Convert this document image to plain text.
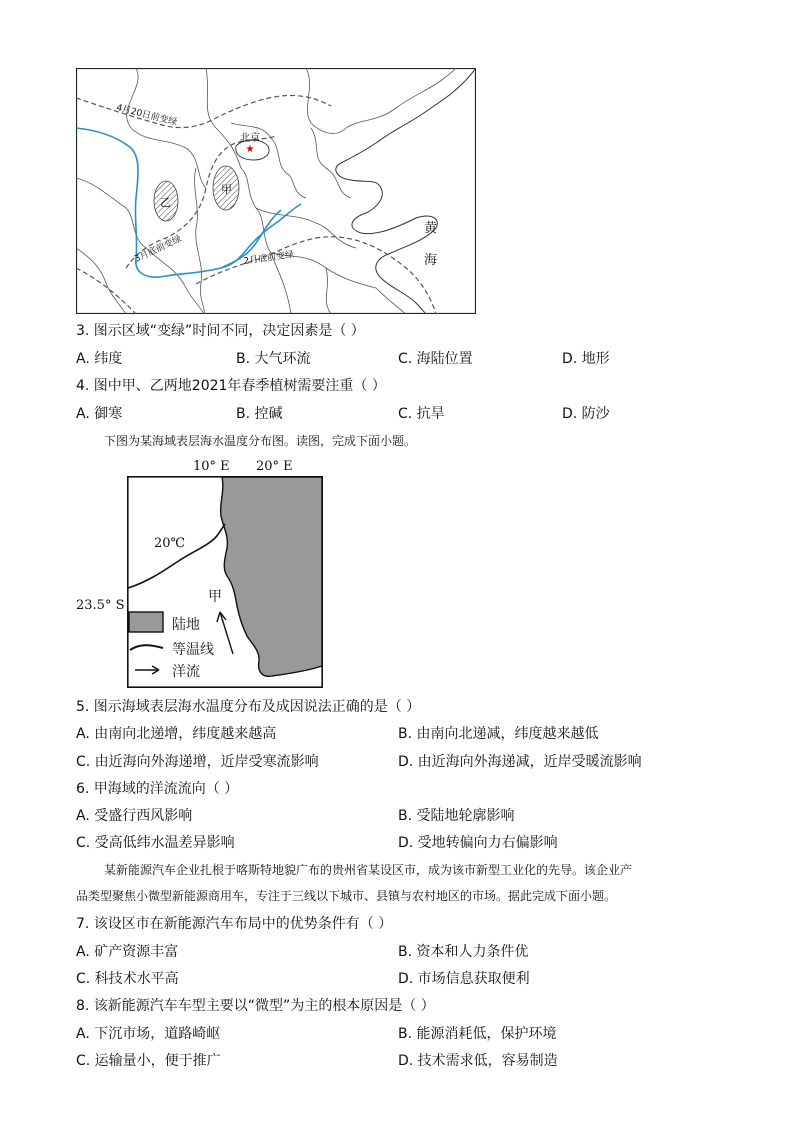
★
北京
甲
乙
4月20日前变绿
3月底前变绿	2月底前变绿
黄
海
3. 图示区域“变绿”时间不同，决定因素是（ ）
A. 纬度	B. 大气环流	C. 海陆位置	D. 地形
4. 图中甲、乙两地2021年春季植树需要注重（ ）
A. 御寒	B. 控碱	C. 抗旱	D. 防沙
下图为某海域表层海水温度分布图。读图，完成下面小题。
10° E 20° E
23.5° S
20℃
甲
陆地
等温线
洋流
5. 图示海域表层海水温度分布及成因说法正确的是（ ）
A. 由南向北递增，纬度越来越高	B. 由南向北递减，纬度越来越低
C. 由近海向外海递增，近岸受寒流影响	D. 由近海向外海递减，近岸受暖流影响
6. 甲海域的洋流流向（ ）
A. 受盛行西风影响	B. 受陆地轮廓影响
C. 受高低纬水温差异影响	D. 受地转偏向力右偏影响
某新能源汽车企业扎根于喀斯特地貌广布的贵州省某设区市，成为该市新型工业化的先导。该企业产
品类型聚焦小微型新能源商用车，专注于三线以下城市、县镇与农村地区的市场。据此完成下面小题。
7. 该设区市在新能源汽车布局中的优势条件有（ ）
A. 矿产资源丰富	B. 资本和人力条件优
C. 科技术水平高	D. 市场信息获取便利
8. 该新能源汽车车型主要以“微型”为主的根本原因是（ ）
A. 下沉市场，道路崎岖	B. 能源消耗低，保护环境
C. 运输量小，便于推广	D. 技术需求低，容易制造
